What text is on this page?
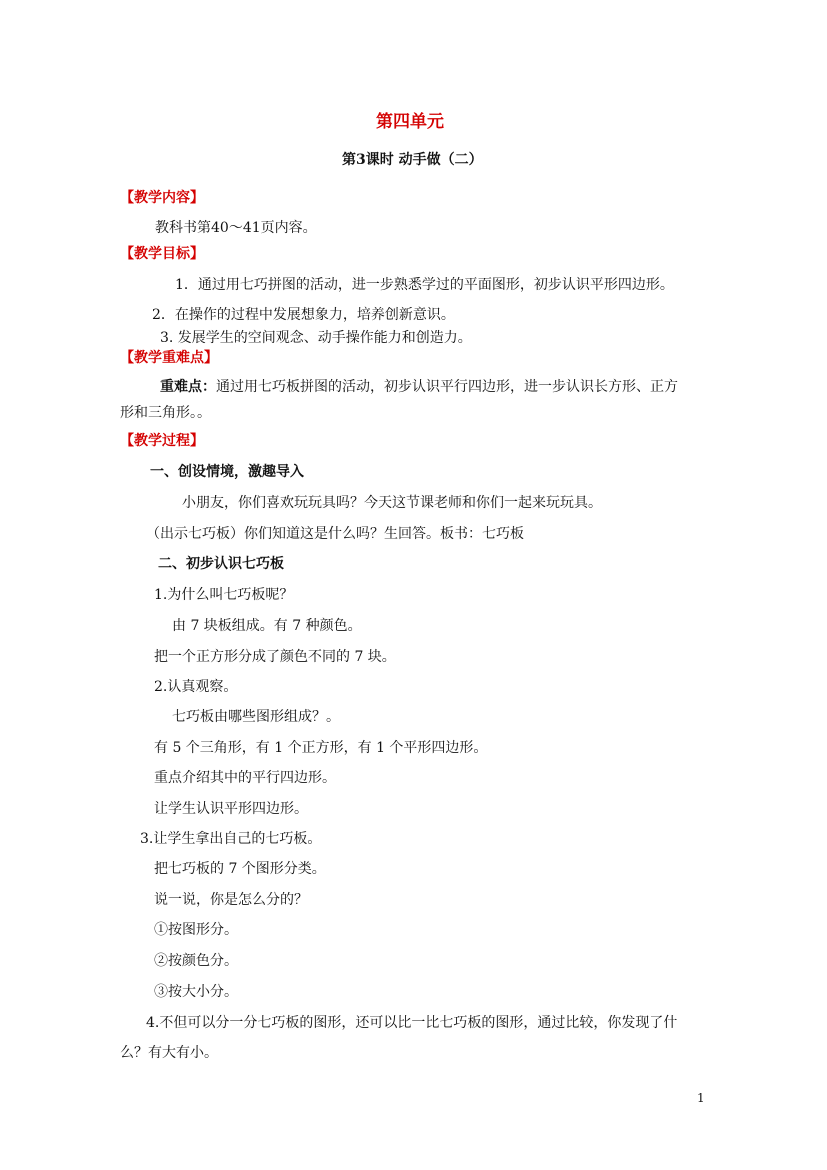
第四单元
第3课时 动手做（二）
【教学内容】
教科书第40～41页内容。
【教学目标】
1．通过用七巧拼图的活动，进一步熟悉学过的平面图形，初步认识平形四边形。
2．在操作的过程中发展想象力，培养创新意识。
3. 发展学生的空间观念、动手操作能力和创造力。
【教学重难点】
重难点：通过用七巧板拼图的活动，初步认识平行四边形，进一步认识长方形、正方
形和三角形。。
【教学过程】
一、创设情境，激趣导入
小朋友，你们喜欢玩玩具吗？今天这节课老师和你们一起来玩玩具。
（出示七巧板）你们知道这是什么吗？生回答。板书：七巧板
二、初步认识七巧板
1.为什么叫七巧板呢？
由 7 块板组成。有 7 种颜色。
把一个正方形分成了颜色不同的 7 块。
2.认真观察。
七巧板由哪些图形组成？。
有 5 个三角形，有 1 个正方形，有 1 个平形四边形。
重点介绍其中的平行四边形。
让学生认识平形四边形。
3.让学生拿出自己的七巧板。
把七巧板的 7 个图形分类。
说一说，你是怎么分的？
①按图形分。
②按颜色分。
③按大小分。
4.不但可以分一分七巧板的图形，还可以比一比七巧板的图形，通过比较，你发现了什
么？有大有小。
1
